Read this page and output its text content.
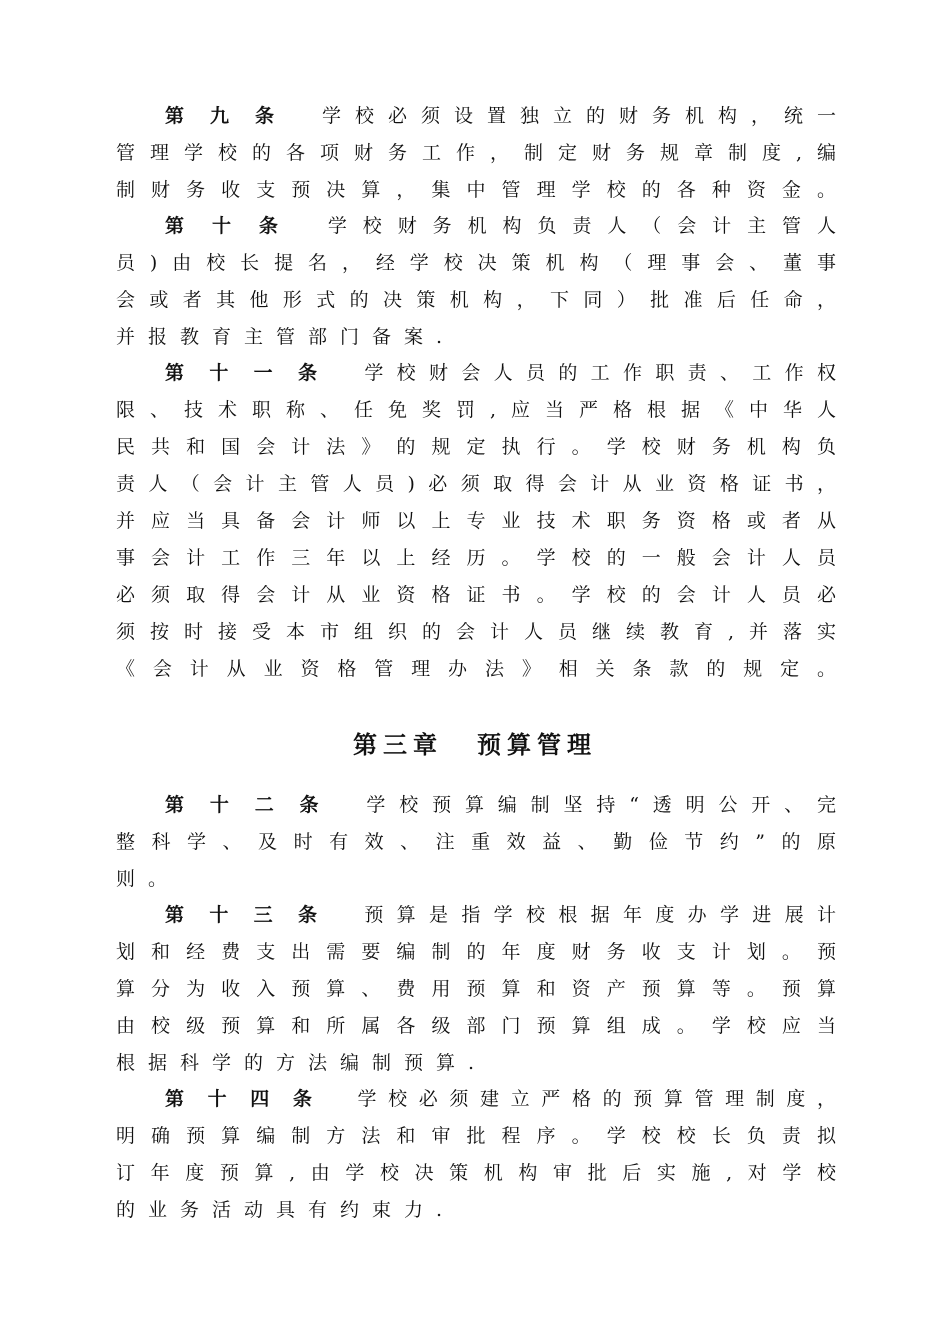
第九条 学校必须设置独立的财务机构，统一
管理学校的各项财务工作，制定财务规章制度,编
制财务收支预决算，集中管理学校的各种资金。
第十条 学校财务机构负责人（会计主管人
员)由校长提名，经学校决策机构（理事会、董事
会或者其他形式的决策机构，下同）批准后任命，
并报教育主管部门备案.
第十一条 学校财会人员的工作职责、工作权
限、技术职称、任免奖罚,应当严格根据《中华人
民共和国会计法》的规定执行。学校财务机构负
责人（会计主管人员)必须取得会计从业资格证书，
并应当具备会计师以上专业技术职务资格或者从
事会计工作三年以上经历。学校的一般会计人员
必须取得会计从业资格证书。学校的会计人员必
须按时接受本市组织的会计人员继续教育,并落实
《会计从业资格管理办法》相关条款的规定。
第三章 预算管理
第十二条 学校预算编制坚持“透明公开、完
整科学、及时有效、注重效益、勤俭节约”的原
则。
第十三条 预算是指学校根据年度办学进展计
划和经费支出需要编制的年度财务收支计划。预
算分为收入预算、费用预算和资产预算等。预算
由校级预算和所属各级部门预算组成。学校应当
根据科学的方法编制预算.
第十四条 学校必须建立严格的预算管理制度，
明确预算编制方法和审批程序。学校校长负责拟
订年度预算,由学校决策机构审批后实施,对学校
的业务活动具有约束力.
